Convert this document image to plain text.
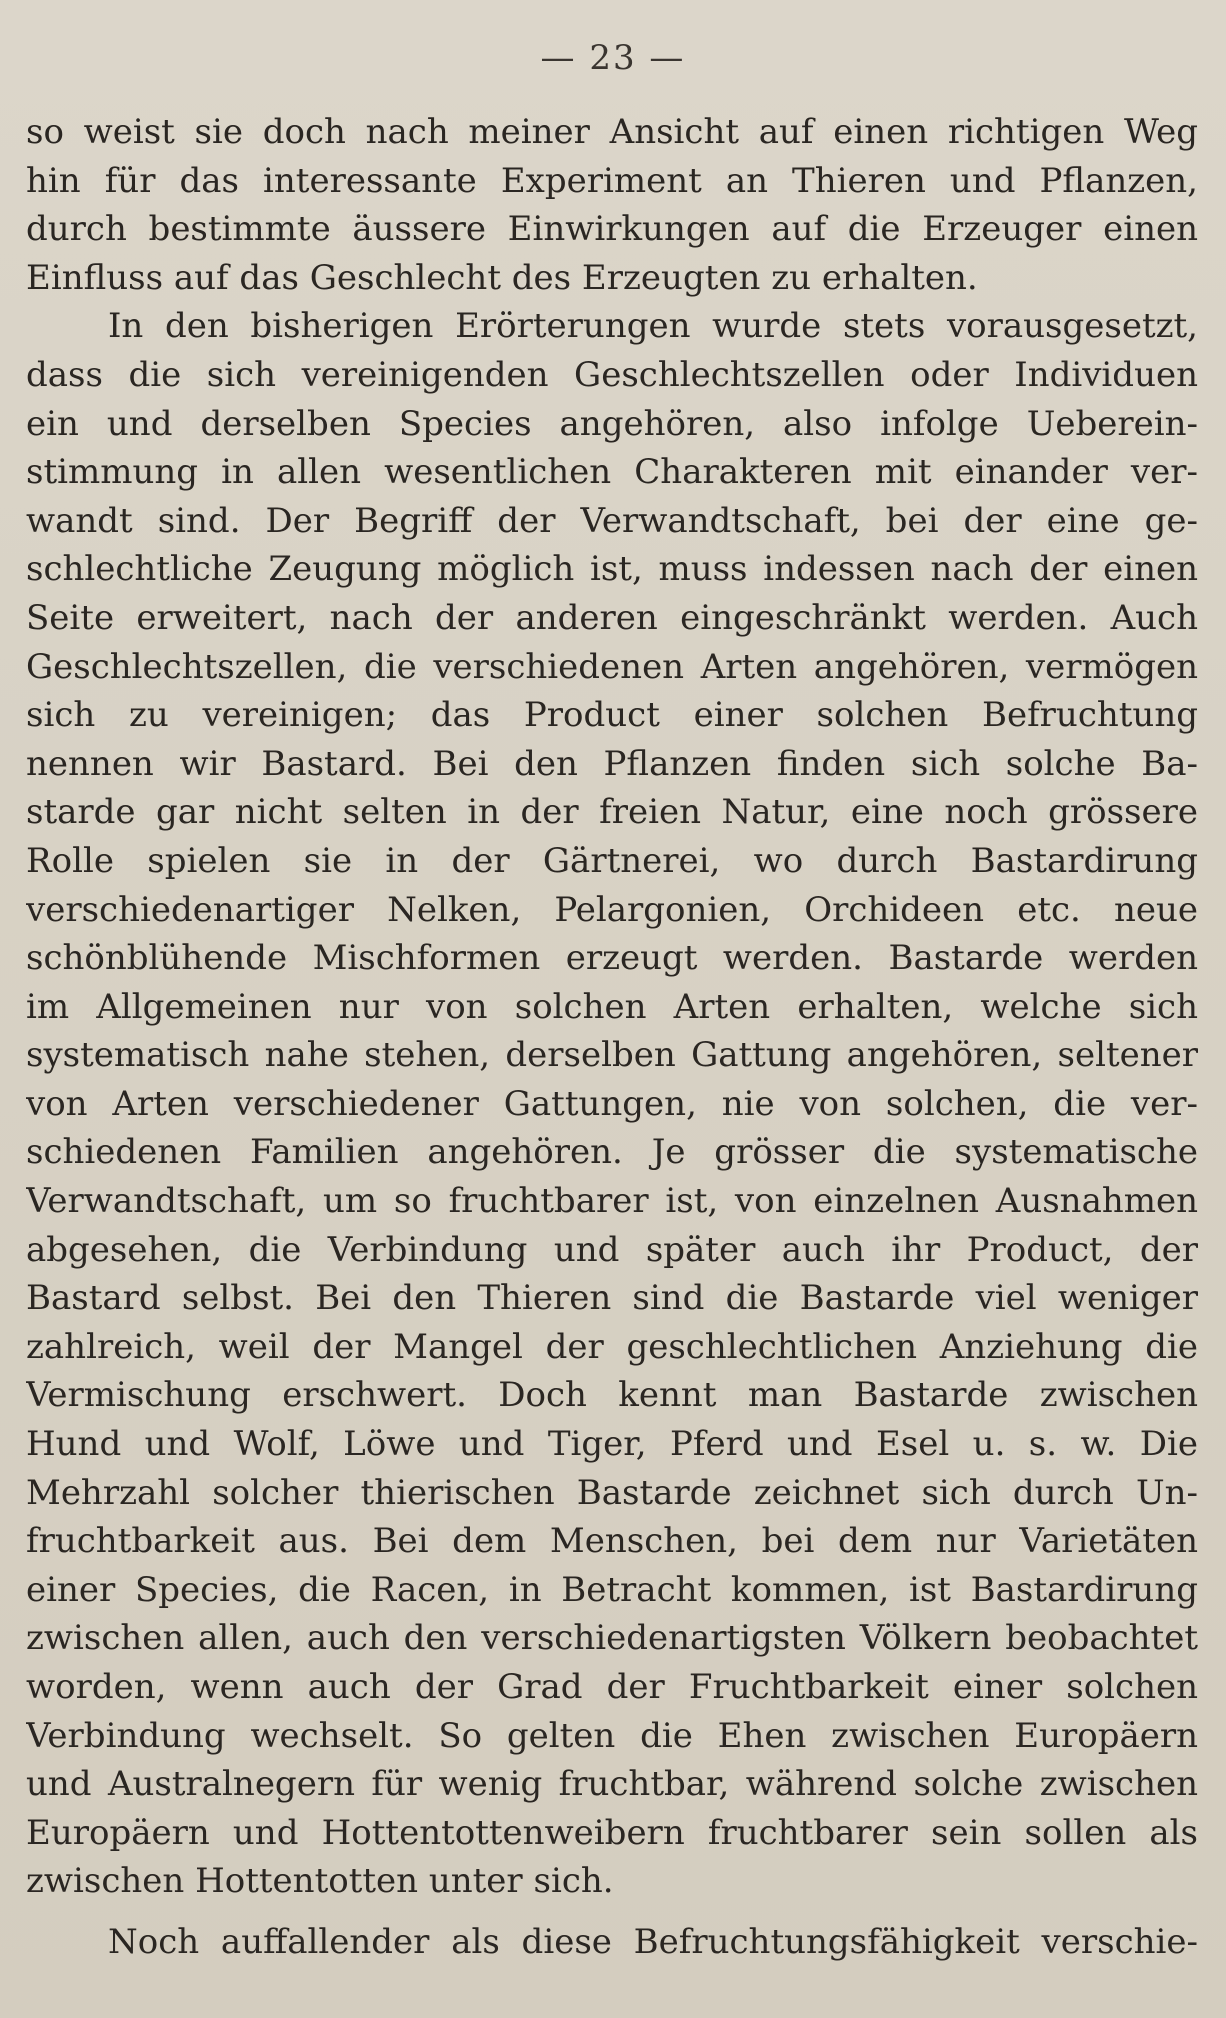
— 23 —
so weist sie doch nach meiner Ansicht auf einen richtigen Weg
hin für das interessante Experiment an Thieren und Pflanzen,
durch bestimmte äussere Einwirkungen auf die Erzeuger einen
Einfluss auf das Geschlecht des Erzeugten zu erhalten.
In den bisherigen Erörterungen wurde stets vorausgesetzt,
dass die sich vereinigenden Geschlechtszellen oder Individuen
ein und derselben Species angehören, also infolge Ueberein-
stimmung in allen wesentlichen Charakteren mit einander ver-
wandt sind. Der Begriff der Verwandtschaft, bei der eine ge-
schlechtliche Zeugung möglich ist, muss indessen nach der einen
Seite erweitert, nach der anderen eingeschränkt werden. Auch
Geschlechtszellen, die verschiedenen Arten angehören, vermögen
sich zu vereinigen; das Product einer solchen Befruchtung
nennen wir Bastard. Bei den Pflanzen finden sich solche Ba-
starde gar nicht selten in der freien Natur, eine noch grössere
Rolle spielen sie in der Gärtnerei, wo durch Bastardirung
verschiedenartiger Nelken, Pelargonien, Orchideen etc. neue
schönblühende Mischformen erzeugt werden. Bastarde werden
im Allgemeinen nur von solchen Arten erhalten, welche sich
systematisch nahe stehen, derselben Gattung angehören, seltener
von Arten verschiedener Gattungen, nie von solchen, die ver-
schiedenen Familien angehören. Je grösser die systematische
Verwandtschaft, um so fruchtbarer ist, von einzelnen Ausnahmen
abgesehen, die Verbindung und später auch ihr Product, der
Bastard selbst. Bei den Thieren sind die Bastarde viel weniger
zahlreich, weil der Mangel der geschlechtlichen Anziehung die
Vermischung erschwert. Doch kennt man Bastarde zwischen
Hund und Wolf, Löwe und Tiger, Pferd und Esel u. s. w. Die
Mehrzahl solcher thierischen Bastarde zeichnet sich durch Un-
fruchtbarkeit aus. Bei dem Menschen, bei dem nur Varietäten
einer Species, die Racen, in Betracht kommen, ist Bastardirung
zwischen allen, auch den verschiedenartigsten Völkern beobachtet
worden, wenn auch der Grad der Fruchtbarkeit einer solchen
Verbindung wechselt. So gelten die Ehen zwischen Europäern
und Australnegern für wenig fruchtbar, während solche zwischen
Europäern und Hottentottenweibern fruchtbarer sein sollen als
zwischen Hottentotten unter sich.
Noch auffallender als diese Befruchtungsfähigkeit verschie-
